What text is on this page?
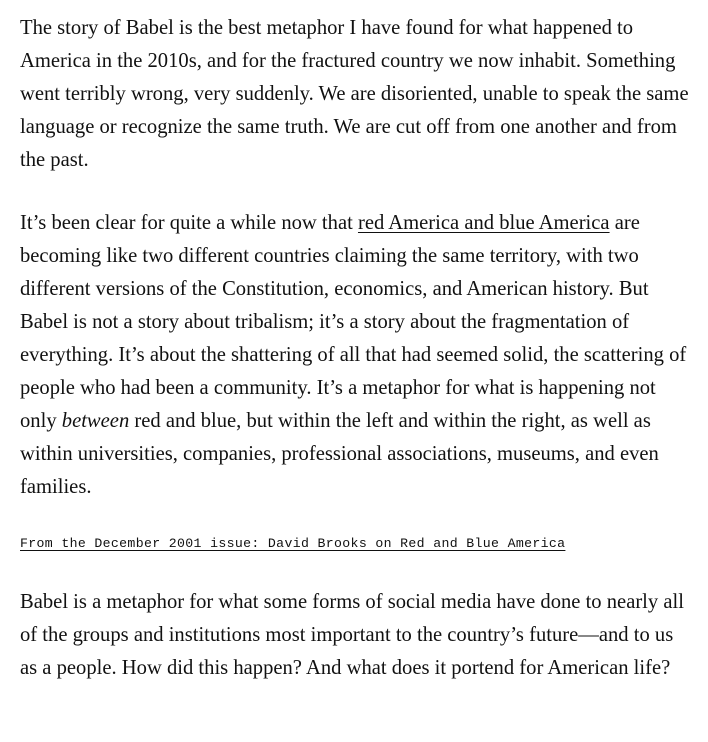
The story of Babel is the best metaphor I have found for what happened to America in the 2010s, and for the fractured country we now inhabit. Something went terribly wrong, very suddenly. We are disoriented, unable to speak the same language or recognize the same truth. We are cut off from one another and from the past.

It’s been clear for quite a while now that red America and blue America are becoming like two different countries claiming the same territory, with two different versions of the Constitution, economics, and American history. But Babel is not a story about tribalism; it’s a story about the fragmentation of everything. It’s about the shattering of all that had seemed solid, the scattering of people who had been a community. It’s a metaphor for what is happening not only between red and blue, but within the left and within the right, as well as within universities, companies, professional associations, museums, and even families.

From the December 2001 issue: David Brooks on Red and Blue America

Babel is a metaphor for what some forms of social media have done to nearly all of the groups and institutions most important to the country’s future—and to us as a people. How did this happen? And what does it portend for American life?
